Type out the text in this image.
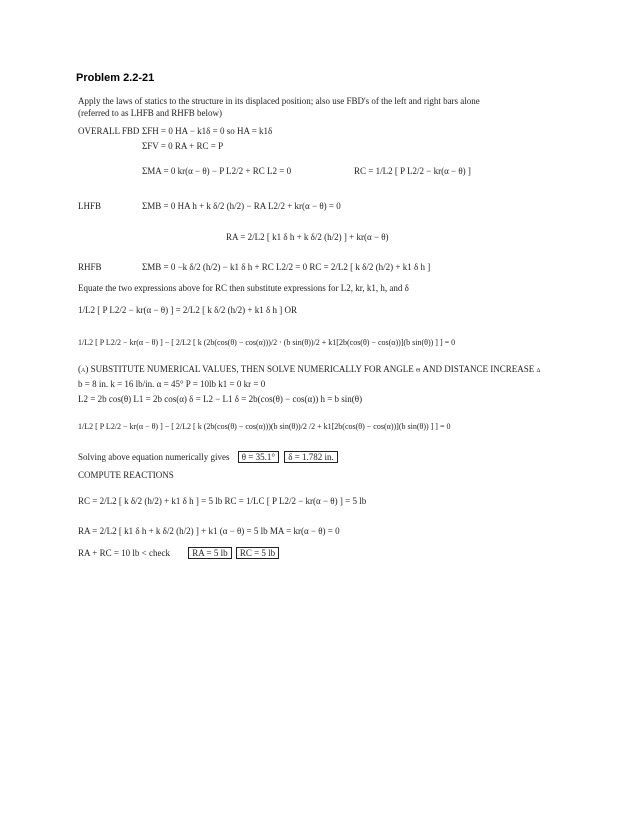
Problem 2.2-21
Apply the laws of statics to the structure in its displaced position; also use FBD's of the left and right bars alone
(referred to as LHFB and RHFB below)
OVERALL FBD ΣFH = 0 HA − k1δ = 0 so HA = k1δ
ΣFV = 0 RA + RC = P
ΣMA = 0 kr(α − θ) − P L2/2 + RC L2 = 0	RC = 1/L2 [ P L2/2 − kr(α − θ) ]
LHFB	ΣMB = 0 HA h + k δ/2 (h/2) − RA L2/2 + kr(α − θ) = 0
RA = 2/L2 [ k1 δ h + k δ/2 (h/2) ] + kr(α − θ)
RHFB	ΣMB = 0 −k δ/2 (h/2) − k1 δ h + RC L2/2 = 0 RC = 2/L2 [ k δ/2 (h/2) + k1 δ h ]
Equate the two expressions above for RC then substitute expressions for L2, kr, k1, h, and δ
1/L2 [ P L2/2 − kr(α − θ) ] = 2/L2 [ k δ/2 (h/2) + k1 δ h ] OR
1/L2 [ P L2/2 − kr(α − θ) ] − [ 2/L2 [ k (2b(cos(θ) − cos(α)))/2 · (b sin(θ))/2 + k1[2b(cos(θ) − cos(α))](b sin(θ)) ] ] = 0
(a) SUBSTITUTE NUMERICAL VALUES, THEN SOLVE NUMERICALLY FOR ANGLE θ AND DISTANCE INCREASE δ
b = 8 in. k = 16 lb/in. α = 45° P = 10lb k1 = 0 kr = 0
L2 = 2b cos(θ) L1 = 2b cos(α) δ = L2 − L1 δ = 2b(cos(θ) − cos(α)) h = b sin(θ)
1/L2 [ P L2/2 − kr(α − θ) ] − [ 2/L2 [ k (2b(cos(θ) − cos(α)))(b sin(θ))/2 /2 + k1[2b(cos(θ) − cos(α))](b sin(θ)) ] ] = 0
Solving above equation numerically gives θ = 35.1° δ = 1.782 in.
COMPUTE REACTIONS
RC = 2/L2 [ k δ/2 (h/2) + k1 δ h ] = 5 lb RC = 1/LC [ P L2/2 − kr(α − θ) ] = 5 lb
RA = 2/L2 [ k1 δ h + k δ/2 (h/2) ] + k1 (α − θ) = 5 lb MA = kr(α − θ) = 0
RA + RC = 10 lb < check RA = 5 lb RC = 5 lb
